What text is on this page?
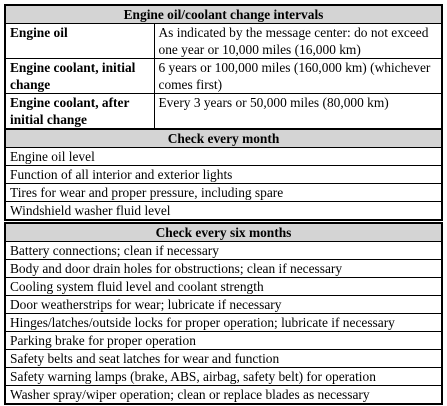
Engine oil/coolant change intervals	
Engine oil	As indicated by the message center: do not exceed one year or 10,000 miles (16,000 km)
Engine coolant, initial change	6 years or 100,000 miles (160,000 km) (whichever comes first)
Engine coolant, after initial change	Every 3 years or 50,000 miles (80,000 km)
Check every month
Engine oil level
Function of all interior and exterior lights
Tires for wear and proper pressure, including spare
Windshield washer fluid level
Check every six months
Battery connections; clean if necessary
Body and door drain holes for obstructions; clean if necessary
Cooling system fluid level and coolant strength
Door weatherstrips for wear; lubricate if necessary
Hinges/latches/outside locks for proper operation; lubricate if necessary
Parking brake for proper operation
Safety belts and seat latches for wear and function
Safety warning lamps (brake, ABS, airbag, safety belt) for operation
Washer spray/wiper operation; clean or replace blades as necessary
